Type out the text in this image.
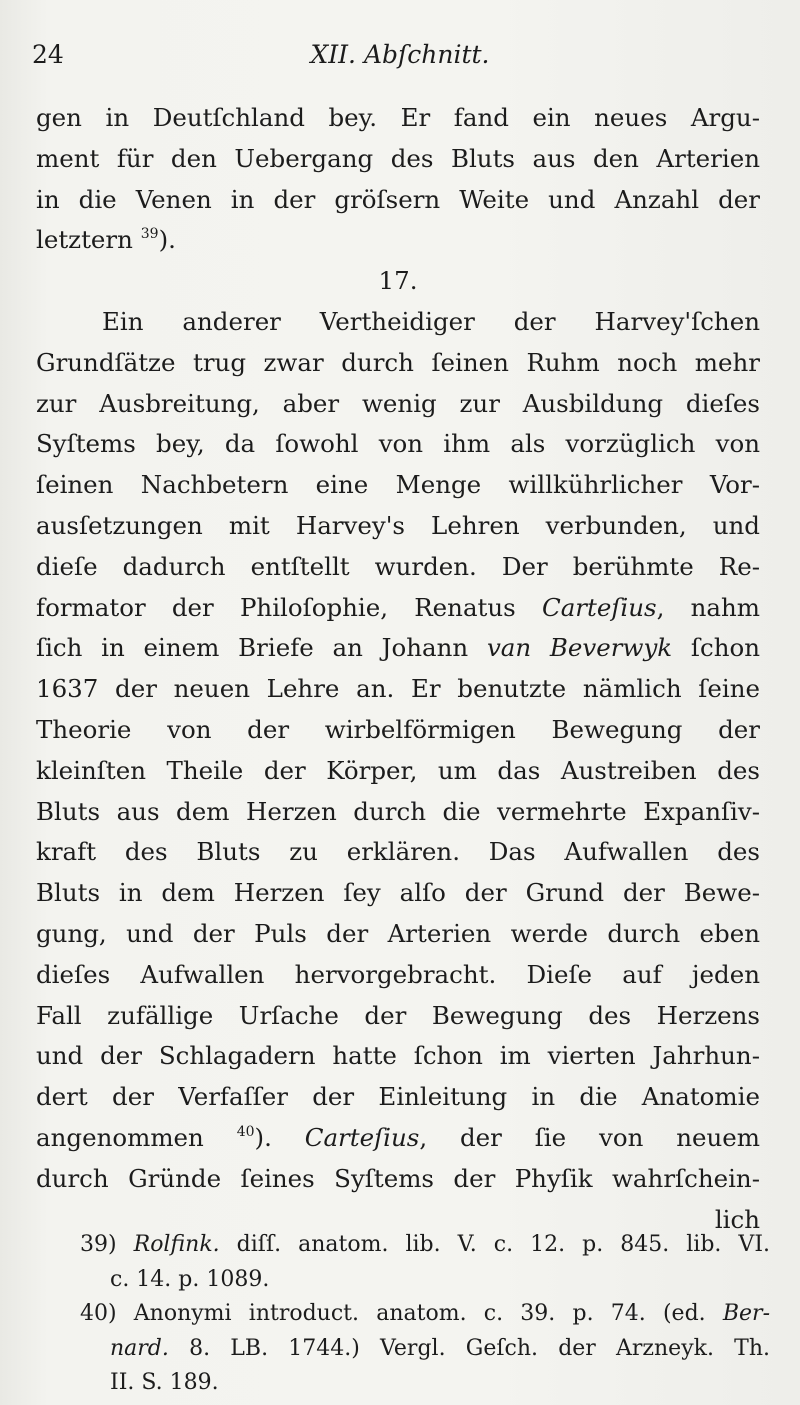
24	XII. Abſchnitt.
gen in Deutſchland bey. Er fand ein neues Argu-
ment für den Uebergang des Bluts aus den Arterien
in die Venen in der gröſsern Weite und Anzahl der
letztern $^{39}$).
17.
Ein anderer Vertheidiger der Harvey'ſchen
Grundſätze trug zwar durch ſeinen Ruhm noch mehr
zur Ausbreitung, aber wenig zur Ausbildung dieſes
Syſtems bey, da ſowohl von ihm als vorzüglich von
ſeinen Nachbetern eine Menge willkührlicher Vor-
ausſetzungen mit Harvey's Lehren verbunden, und
dieſe dadurch entſtellt wurden. Der berühmte Re-
formator der Philoſophie, Renatus Carteſius, nahm
ſich in einem Briefe an Johann van Beverwyk ſchon
1637 der neuen Lehre an. Er benutzte nämlich ſeine
Theorie von der wirbelförmigen Bewegung der
kleinſten Theile der Körper, um das Austreiben des
Bluts aus dem Herzen durch die vermehrte Expanſiv-
kraft des Bluts zu erklären. Das Aufwallen des
Bluts in dem Herzen ſey alſo der Grund der Bewe-
gung, und der Puls der Arterien werde durch eben
dieſes Aufwallen hervorgebracht. Dieſe auf jeden
Fall zufällige Urſache der Bewegung des Herzens
und der Schlagadern hatte ſchon im vierten Jahrhun-
dert der Verfaſſer der Einleitung in die Anatomie
angenommen $^{40}$). Carteſius, der ſie von neuem
durch Gründe ſeines Syſtems der Phyſik wahrſchein-
lich
39) Rolfink. diſſ. anatom. lib. V. c. 12. p. 845. lib. VI.
c. 14. p. 1089.
40) Anonymi introduct. anatom. c. 39. p. 74. (ed. Ber-
nard. 8. LB. 1744.) Vergl. Geſch. der Arzneyk. Th.
II. S. 189.
